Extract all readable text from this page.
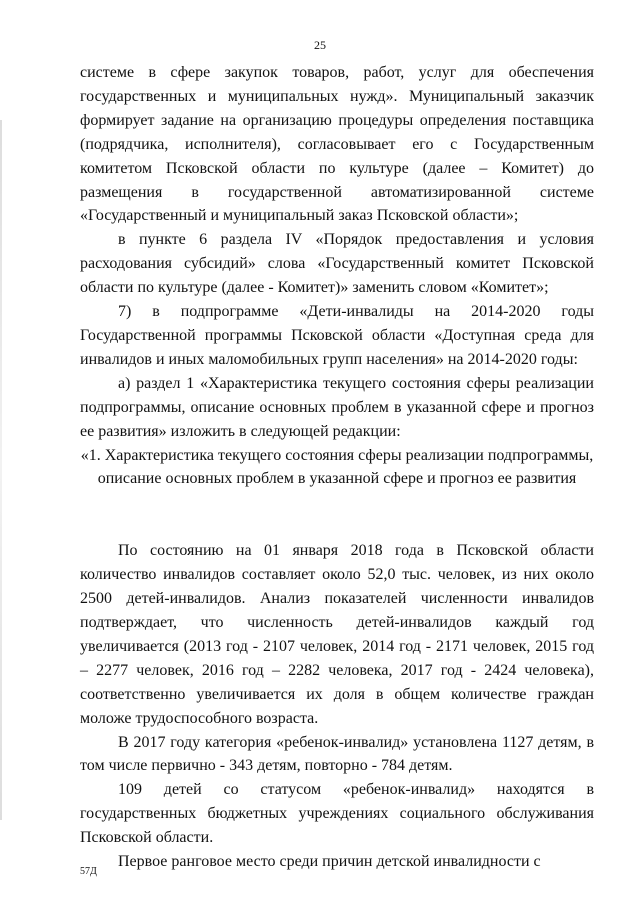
25

системе в сфере закупок товаров, работ, услуг для обеспечения государственных и муниципальных нужд». Муниципальный заказчик формирует задание на организацию процедуры определения поставщика (подрядчика, исполнителя), согласовывает его с Государственным комитетом Псковской области по культуре (далее – Комитет) до размещения в государственной автоматизированной системе «Государственный и муниципальный заказ Псковской области»;

в пункте 6 раздела IV «Порядок предоставления и условия расходования субсидий» слова «Государственный комитет Псковской области по культуре (далее - Комитет)» заменить словом «Комитет»;

7) в подпрограмме «Дети-инвалиды на 2014-2020 годы Государственной программы Псковской области «Доступная среда для инвалидов и иных маломобильных групп населения» на 2014-2020 годы:

а) раздел 1 «Характеристика текущего состояния сферы реализации подпрограммы, описание основных проблем в указанной сфере и прогноз ее развития» изложить в следующей редакции:

«1. Характеристика текущего состояния сферы реализации подпрограммы, описание основных проблем в указанной сфере и прогноз ее развития

По состоянию на 01 января 2018 года в Псковской области количество инвалидов составляет около 52,0 тыс. человек, из них около 2500 детей-инвалидов. Анализ показателей численности инвалидов подтверждает, что численность детей-инвалидов каждый год увеличивается (2013 год - 2107 человек, 2014 год - 2171 человек, 2015 год – 2277 человек, 2016 год – 2282 человека, 2017 год - 2424 человека), соответственно увеличивается их доля в общем количестве граждан моложе трудоспособного возраста.

В 2017 году категория «ребенок-инвалид» установлена 1127 детям, в том числе первично - 343 детям, повторно - 784 детям.

109 детей со статусом «ребенок-инвалид» находятся в государственных бюджетных учреждениях социального обслуживания Псковской области.

Первое ранговое место среди причин детской инвалидности с

57Д
